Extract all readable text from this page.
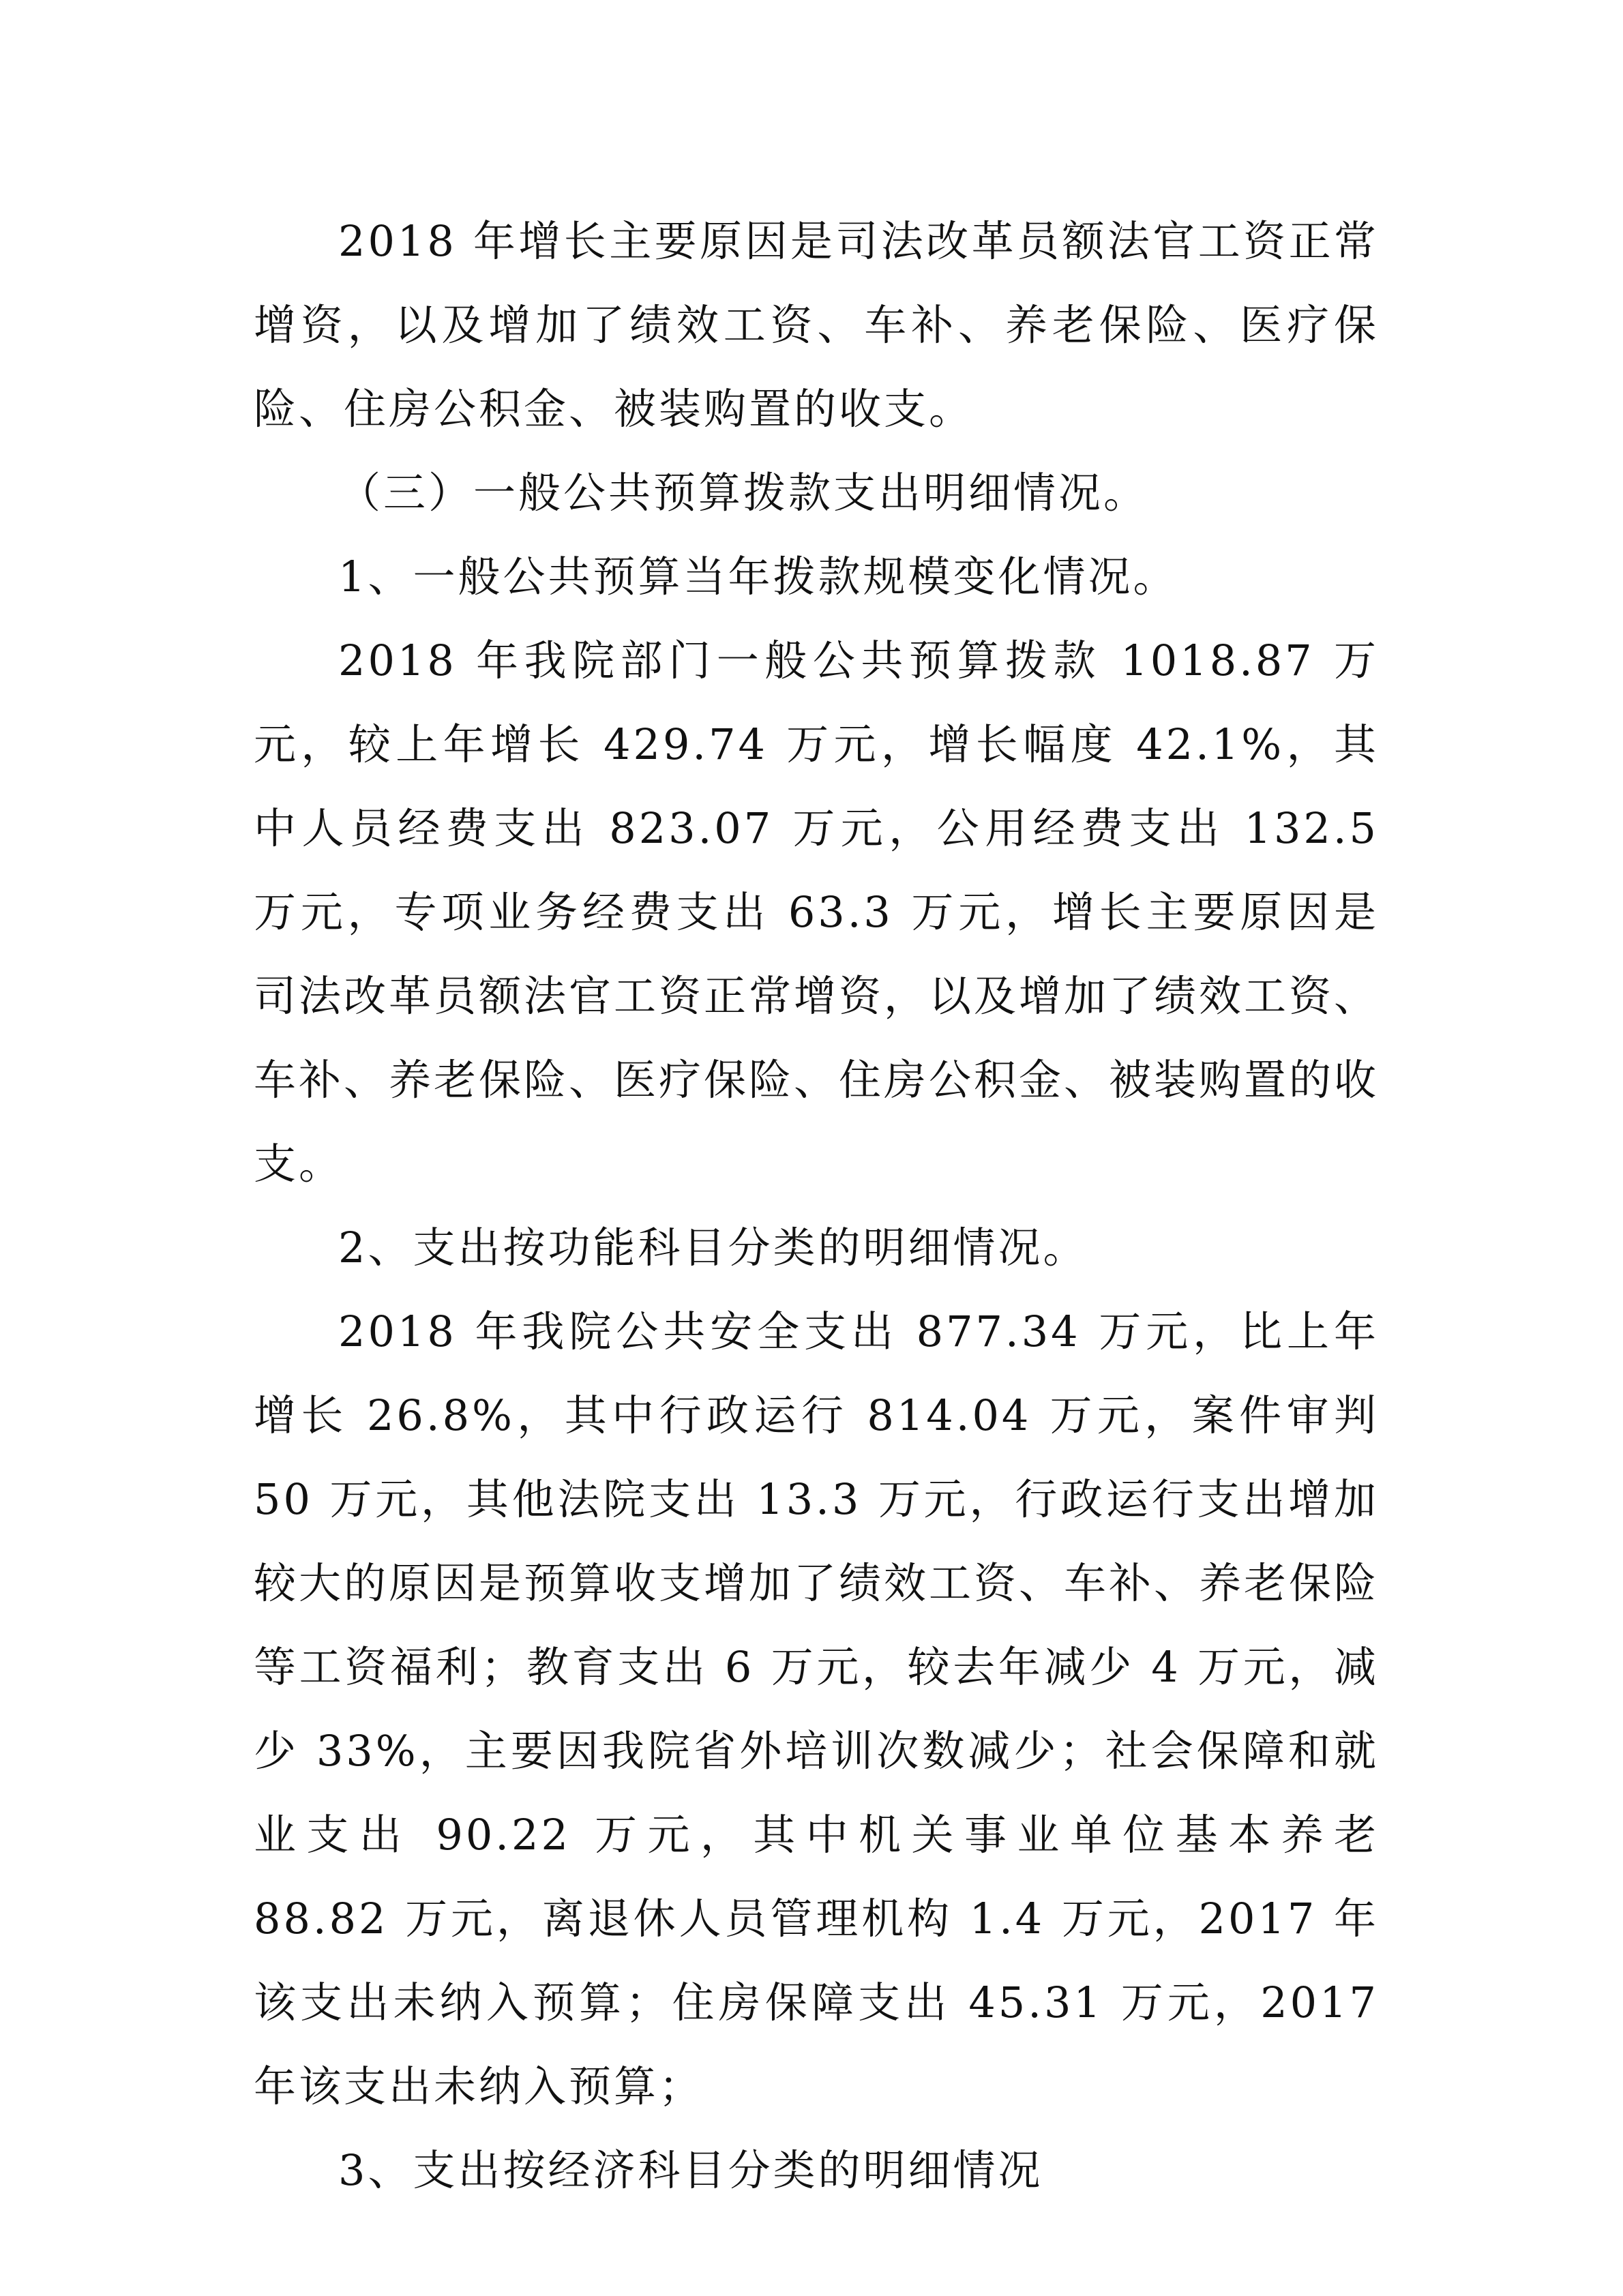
2018 年增长主要原因是司法改革员额法官工资正常增资，以及增加了绩效工资、车补、养老保险、医疗保险、住房公积金、被装购置的收支。

（三）一般公共预算拨款支出明细情况。

1、一般公共预算当年拨款规模变化情况。

2018 年我院部门一般公共预算拨款 1018.87 万元，较上年增长 429.74 万元，增长幅度 42.1%，其中人员经费支出 823.07 万元，公用经费支出 132.5 万元，专项业务经费支出 63.3 万元，增长主要原因是司法改革员额法官工资正常增资，以及增加了绩效工资、车补、养老保险、医疗保险、住房公积金、被装购置的收支。

2、支出按功能科目分类的明细情况。

2018 年我院公共安全支出 877.34 万元，比上年增长 26.8%，其中行政运行 814.04 万元，案件审判 50 万元，其他法院支出 13.3 万元，行政运行支出增加较大的原因是预算收支增加了绩效工资、车补、养老保险等工资福利；教育支出 6 万元，较去年减少 4 万元，减少 33%，主要因我院省外培训次数减少；社会保障和就业支出 90.22 万元，其中机关事业单位基本养老 88.82 万元，离退休人员管理机构 1.4 万元，2017 年该支出未纳入预算；住房保障支出 45.31 万元，2017 年该支出未纳入预算；

3、支出按经济科目分类的明细情况
